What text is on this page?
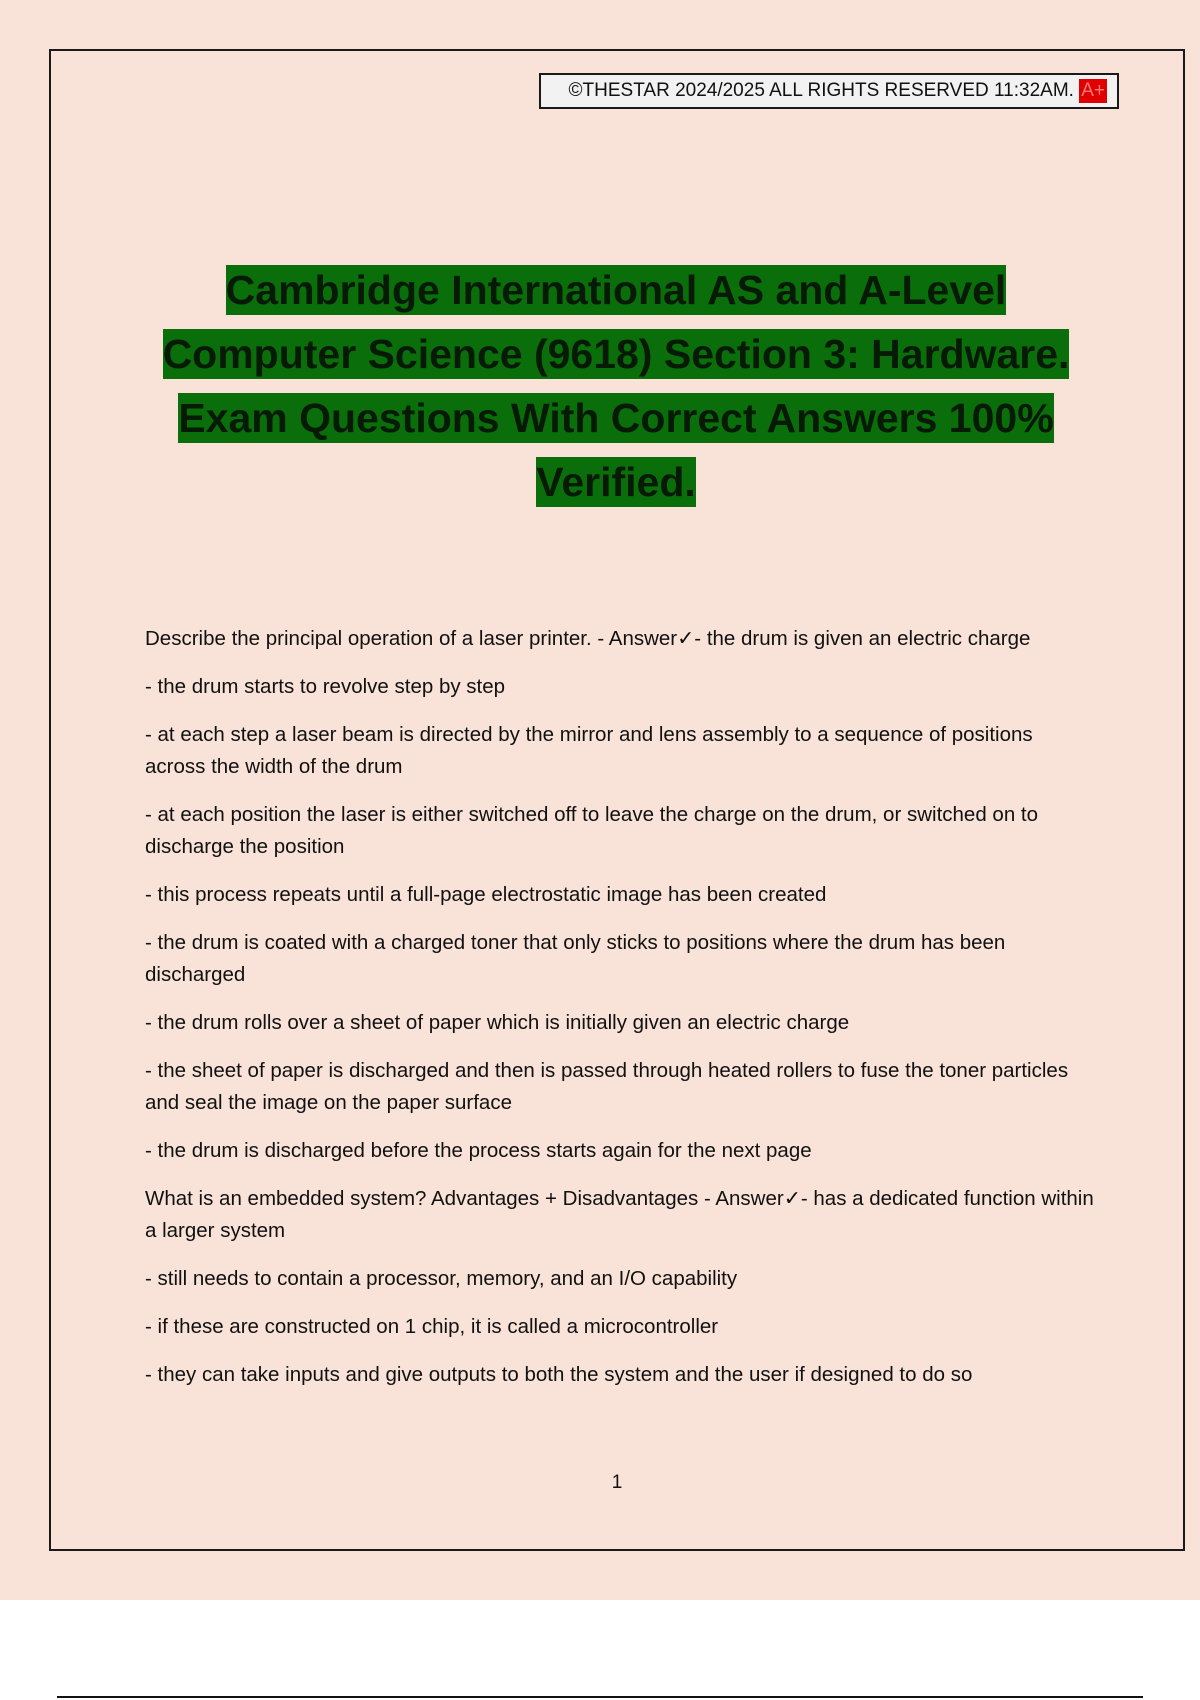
©THESTAR 2024/2025 ALL RIGHTS RESERVED 11:32AM. A+
Cambridge International AS and A-Level
Computer Science (9618) Section 3: Hardware.
Exam Questions With Correct Answers 100%
Verified.

Describe the principal operation of a laser printer. - Answer✓- the drum is given an electric charge

- the drum starts to revolve step by step

- at each step a laser beam is directed by the mirror and lens assembly to a sequence of positions across the width of the drum

- at each position the laser is either switched off to leave the charge on the drum, or switched on to discharge the position

- this process repeats until a full-page electrostatic image has been created

- the drum is coated with a charged toner that only sticks to positions where the drum has been discharged

- the drum rolls over a sheet of paper which is initially given an electric charge

- the sheet of paper is discharged and then is passed through heated rollers to fuse the toner particles and seal the image on the paper surface

- the drum is discharged before the process starts again for the next page

What is an embedded system? Advantages + Disadvantages - Answer✓- has a dedicated function within a larger system

- still needs to contain a processor, memory, and an I/O capability

- if these are constructed on 1 chip, it is called a microcontroller

- they can take inputs and give outputs to both the system and the user if designed to do so

1
